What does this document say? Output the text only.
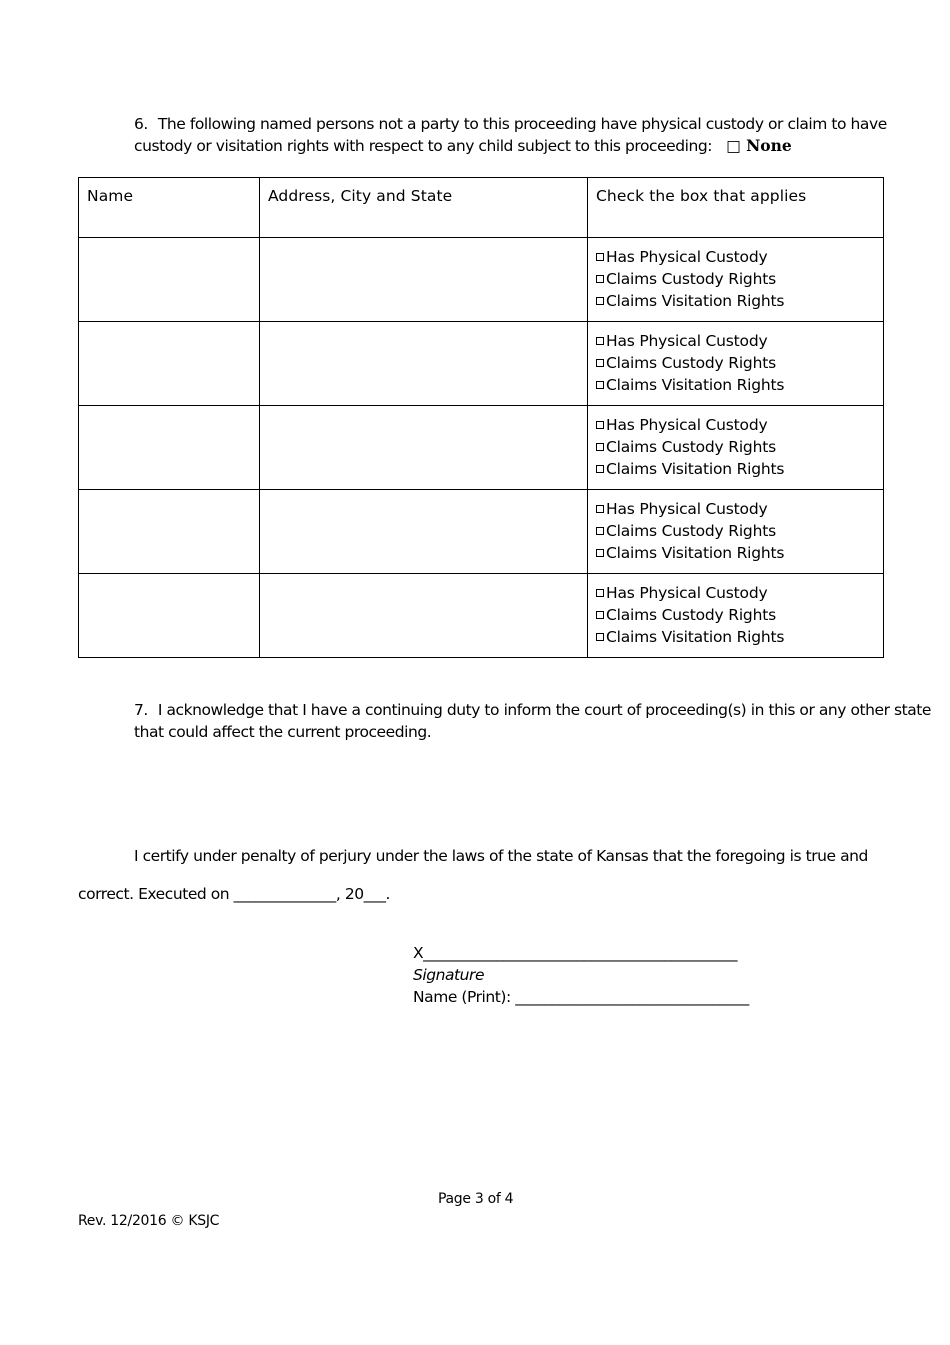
6. The following named persons not a party to this proceeding have physical custody or claim to have custody or visitation rights with respect to any child subject to this proceeding: □ None
Name	Address, City and State	Check the box that applies

		Has Physical Custody
Claims Custody Rights
Claims Visitation Rights

		Has Physical Custody
Claims Custody Rights
Claims Visitation Rights

		Has Physical Custody
Claims Custody Rights
Claims Visitation Rights

		Has Physical Custody
Claims Custody Rights
Claims Visitation Rights

		Has Physical Custody
Claims Custody Rights
Claims Visitation Rights
7. I acknowledge that I have a continuing duty to inform the court of proceeding(s) in this or any other state that could affect the current proceeding.
I certify under penalty of perjury under the laws of the state of Kansas that the foregoing is true and
correct. Executed on ______________, 20___.
X___________________________________________
Signature
Name (Print): ________________________________
Page 3 of 4
Rev. 12/2016 © KSJC
